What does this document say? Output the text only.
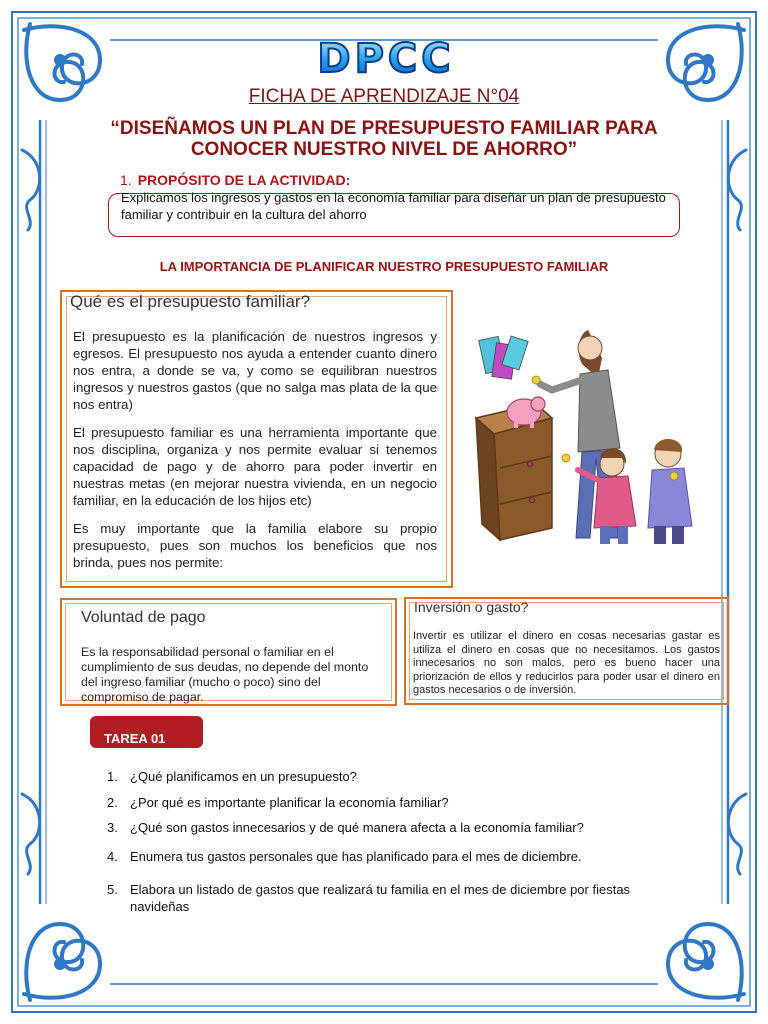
DPCC
FICHA DE APRENDIZAJE N°04
“DISEÑAMOS UN PLAN DE PRESUPUESTO FAMILIAR PARA CONOCER NUESTRO NIVEL DE AHORRO”
1. PROPÓSITO DE LA ACTIVIDAD:
Explicamos los ingresos y gastos en la economía familiar para diseñar un plan de presupuesto familiar y contribuir en la cultura del ahorro
LA IMPORTANCIA DE PLANIFICAR NUESTRO PRESUPUESTO FAMILIAR
Qué es el presupuesto familiar?
El presupuesto es la planificación de nuestros ingresos y egresos. El presupuesto nos ayuda a entender cuanto dinero nos entra, a donde se va, y como se equilibran nuestros ingresos y nuestros gastos (que no salga mas plata de la que nos entra)
El presupuesto familiar es una herramienta importante que nos disciplina, organiza y nos permite evaluar si tenemos capacidad de pago y de ahorro para poder invertir en nuestras metas (en mejorar nuestra vivienda, en un negocio familiar, en la educación de los hijos etc)
Es muy importante que la familia elabore su propio presupuesto, pues son muchos los beneficios que nos brinda, pues nos permite:
Voluntad de pago
Es la responsabilidad personal o familiar en el cumplimiento de sus deudas, no depende del monto del ingreso familiar (mucho o poco) sino del compromiso de pagar.
Inversión o gasto?
Invertir es utilizar el dinero en cosas necesarias gastar es utiliza el dinero en cosas que no necesitamos. Los gastos innecesarios no son malos, pero es bueno hacer una priorización de ellos y reducirlos para poder usar el dinero en gastos necesarios o de inversión.
TAREA 01
1. ¿Qué planificamos en un presupuesto?
2. ¿Por qué es importante planificar la economía familiar?
3. ¿Qué son gastos innecesarios y de qué manera afecta a la economía familiar?
4. Enumera tus gastos personales que has planificado para el mes de diciembre.
5. Elabora un listado de gastos que realizará tu familia en el mes de diciembre por fiestas navideñas
